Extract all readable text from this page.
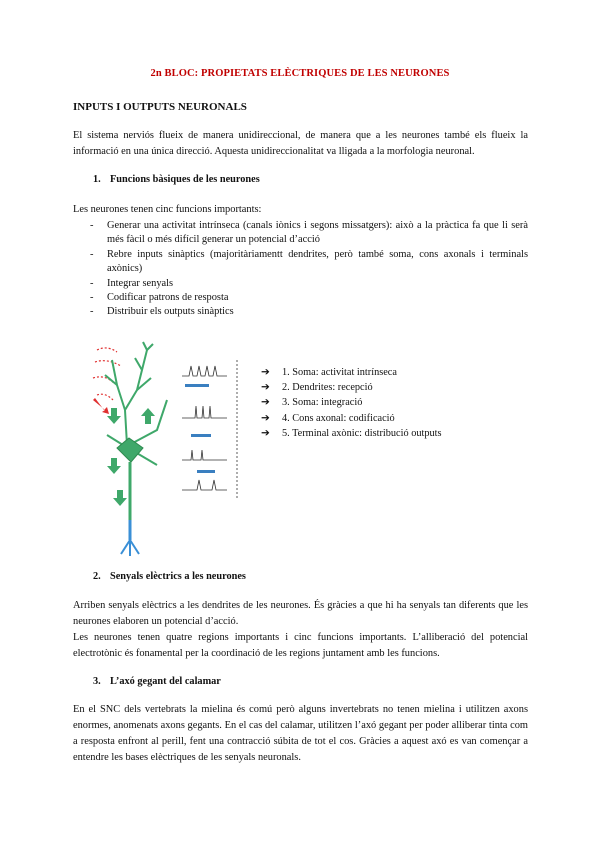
2n BLOC: PROPIETATS ELÈCTRIQUES DE LES NEURONES
INPUTS I OUTPUTS NEURONALS
El sistema nerviós flueix de manera unidireccional, de manera que a les neurones també els flueix la informació en una única direcció. Aquesta unidireccionalitat va lligada a la morfologia neuronal.
1. Funcions bàsiques de les neurones
Les neurones tenen cinc funcions importants:
- Generar una activitat intrínseca (canals iònics i segons missatgers): això a la pràctica fa que li serà més fàcil o més difícil generar un potencial d’acció
- Rebre inputs sinàptics (majoritàriamentt dendrites, però també soma, cons axonals i terminals axònics)
- Integrar senyals
- Codificar patrons de resposta
- Distribuir els outputs sinàptics
➔ 1. Soma: activitat intrínseca
➔ 2. Dendrites: recepció
➔ 3. Soma: integració
➔ 4. Cons axonal: codificació
➔ 5. Terminal axònic: distribució outputs
2. Senyals elèctrics a les neurones
Arriben senyals elèctrics a les dendrites de les neurones. És gràcies a que hi ha senyals tan diferents que les neurones elaboren un potencial d’acció.
Les neurones tenen quatre regions importants i cinc funcions importants. L’alliberació del potencial electrotònic és fonamental per la coordinació de les regions juntament amb les funcions.
3. L’axó gegant del calamar
En el SNC dels vertebrats la mielina és comú però alguns invertebrats no tenen mielina i utilitzen axons enormes, anomenats axons gegants. En el cas del calamar, utilitzen l’axó gegant per poder alliberar tinta com a resposta enfront al perill, fent una contracció súbita de tot el cos. Gràcies a aquest axó es van començar a entendre les bases elèctriques de les senyals neuronals.
